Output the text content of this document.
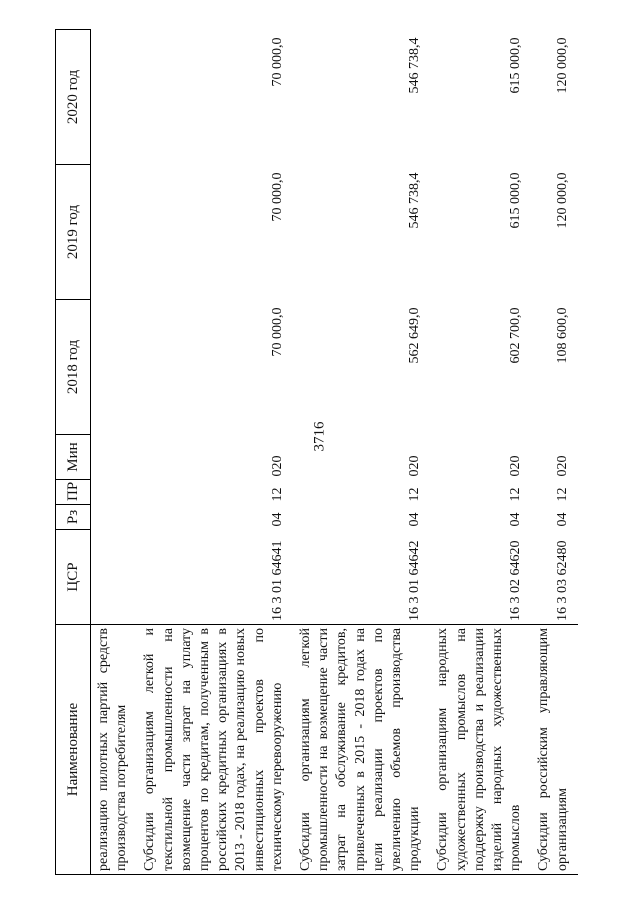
3716
Наименование	ЦСР	Рз	ПР	Мин	2018 год	2019 год	2020 год
реализацию пилотных партий средств производства потребителям							
Субсидии организациям легкой и текстильной промышленности на возмещение части затрат на уплату процентов по кредитам, полученным в российских кредитных организациях в 2013 - 2018 годах, на реализацию новых инвестиционных проектов по техническому перевооружению	16 3 01 64641	04	12	020	70 000,0	70 000,0	70 000,0
Субсидии организациям легкой промышленности на возмещение части затрат на обслуживание кредитов, привлеченных в 2015 - 2018 годах на цели реализации проектов по увеличению объемов производства продукции	16 3 01 64642	04	12	020	562 649,0	546 738,4	546 738,4
Субсидии организациям народных художественных промыслов на поддержку производства и реализации изделий народных художественных промыслов	16 3 02 64620	04	12	020	602 700,0	615 000,0	615 000,0
Субсидии российским управляющим организациям	16 3 03 62480	04	12	020	108 600,0	120 000,0	120 000,0
